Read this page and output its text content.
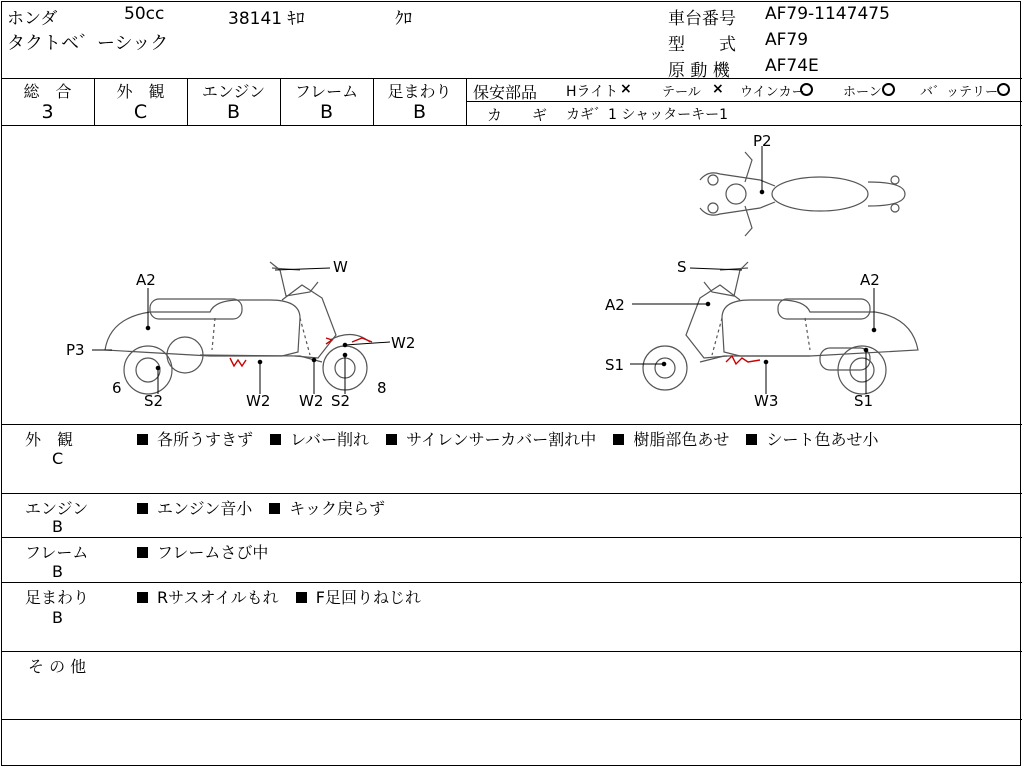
ホンダ	50cc	38141 ｷﾛ	ｸﾛ
タクトベ゛ーシック
車台番号 AF79-1147475
型　　式 AF79
原 動 機 AF74E
総　合
3
外　観
C
エンジン
B
フレーム
B
足まわり
B
保安部品 Hライト × テール × ウインカー	ホーン	バ゛ッテリー
カ　　ギ カギ゛1 シャッターキー1
A2
W
P3	W2
6
S2	W2 W2 S2
8
P2
S
A2
A2
S1
W3	S1
外　観
C
各所うすきず レバー削れ サイレンサーカバー割れ中 樹脂部色あせ シート色あせ小
エンジン
B
エンジン音小 キック戻らず
フレーム
B
フレームさび中
足まわり
B
Rサスオイルもれ F足回りねじれ
そ の 他
